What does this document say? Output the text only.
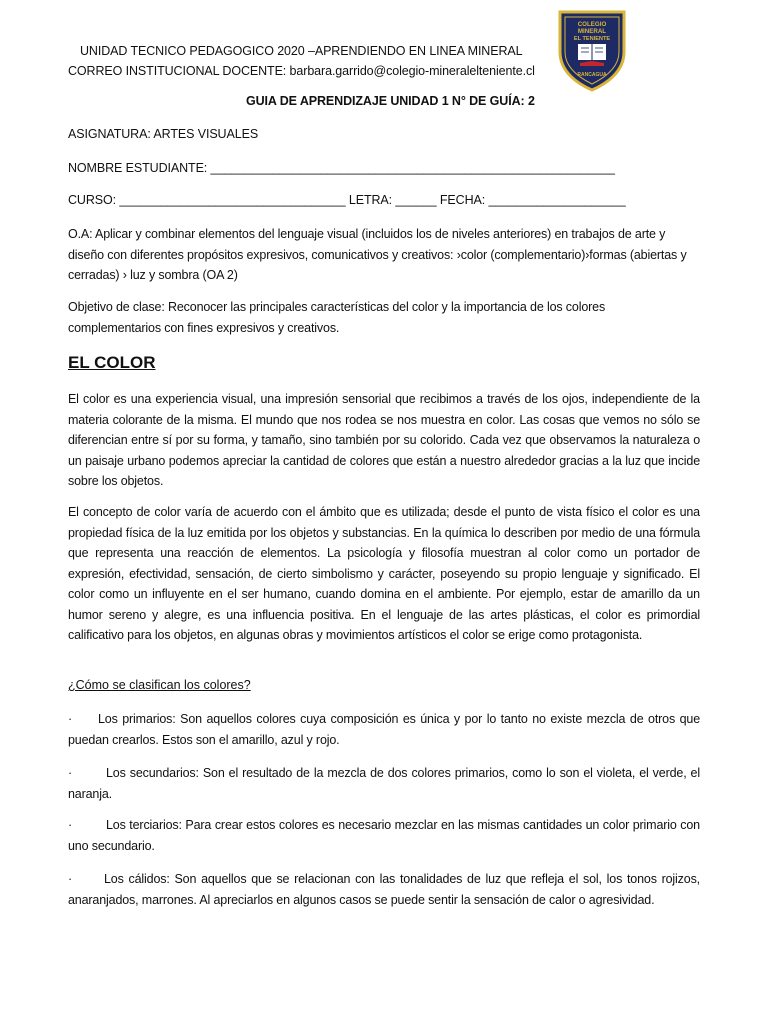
UNIDAD TECNICO PEDAGOGICO 2020 –APRENDIENDO EN LINEA MINERAL
CORREO INSTITUCIONAL DOCENTE: barbara.garrido@colegio-mineralelteniente.cl
COLEGIO
MINERAL
EL TENIENTE
RANCAGUA
GUIA DE APRENDIZAJE UNIDAD 1 N° DE GUÍA: 2
ASIGNATURA: ARTES VISUALES
NOMBRE ESTUDIANTE: ___________________________________________________________
CURSO: _________________________________ LETRA: ______ FECHA: ____________________
O.A: Aplicar y combinar elementos del lenguaje visual (incluidos los de niveles anteriores) en trabajos de arte y diseño con diferentes propósitos expresivos, comunicativos y creativos: ›color (complementario)›formas (abiertas y cerradas) › luz y sombra (OA 2)
Objetivo de clase: Reconocer las principales características del color y la importancia de los colores complementarios con fines expresivos y creativos.
EL COLOR
El color es una experiencia visual, una impresión sensorial que recibimos a través de los ojos, independiente de la materia colorante de la misma. El mundo que nos rodea se nos muestra en color. Las cosas que vemos no sólo se diferencian entre sí por su forma, y tamaño, sino también por su colorido. Cada vez que observamos la naturaleza o un paisaje urbano podemos apreciar la cantidad de colores que están a nuestro alrededor gracias a la luz que incide sobre los objetos.
El concepto de color varía de acuerdo con el ámbito que es utilizada; desde el punto de vista físico el color es una propiedad física de la luz emitida por los objetos y substancias. En la química lo describen por medio de una fórmula que representa una reacción de elementos. La psicología y filosofía muestran al color como un portador de expresión, efectividad, sensación, de cierto simbolismo y carácter, poseyendo su propio lenguaje y significado. El color como un influyente en el ser humano, cuando domina en el ambiente. Por ejemplo, estar de amarillo da un humor sereno y alegre, es una influencia positiva. En el lenguaje de las artes plásticas, el color es primordial calificativo para los objetos, en algunas obras y movimientos artísticos el color se erige como protagonista.
¿Cómo se clasifican los colores?
· Los primarios: Son aquellos colores cuya composición es única y por lo tanto no existe mezcla de otros que puedan crearlos. Estos son el amarillo, azul y rojo.
·	Los secundarios: Son el resultado de la mezcla de dos colores primarios, como lo son el violeta, el verde, el naranja.
·	Los terciarios: Para crear estos colores es necesario mezclar en las mismas cantidades un color primario con uno secundario.
·	Los cálidos: Son aquellos que se relacionan con las tonalidades de luz que refleja el sol, los tonos rojizos, anaranjados, marrones. Al apreciarlos en algunos casos se puede sentir la sensación de calor o agresividad.
